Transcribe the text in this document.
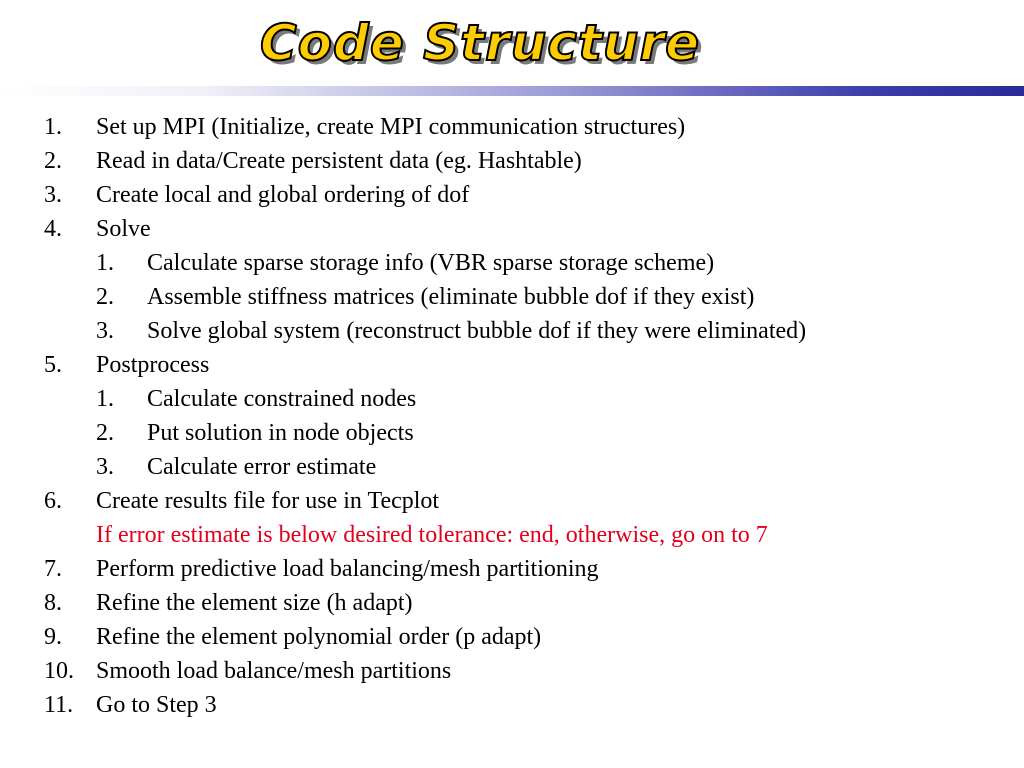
Code Structure
1. Set up MPI (Initialize, create MPI communication structures)
2. Read in data/Create persistent data (eg. Hashtable)
3. Create local and global ordering of dof
4. Solve
1. Calculate sparse storage info (VBR sparse storage scheme)
2. Assemble stiffness matrices (eliminate bubble dof if they exist)
3. Solve global system (reconstruct bubble dof if they were eliminated)
5. Postprocess
1. Calculate constrained nodes
2. Put solution in node objects
3. Calculate error estimate
6. Create results file for use in Tecplot
If error estimate is below desired tolerance: end, otherwise, go on to 7
7. Perform predictive load balancing/mesh partitioning
8. Refine the element size (h adapt)
9. Refine the element polynomial order (p adapt)
10. Smooth load balance/mesh partitions
11. Go to Step 3
